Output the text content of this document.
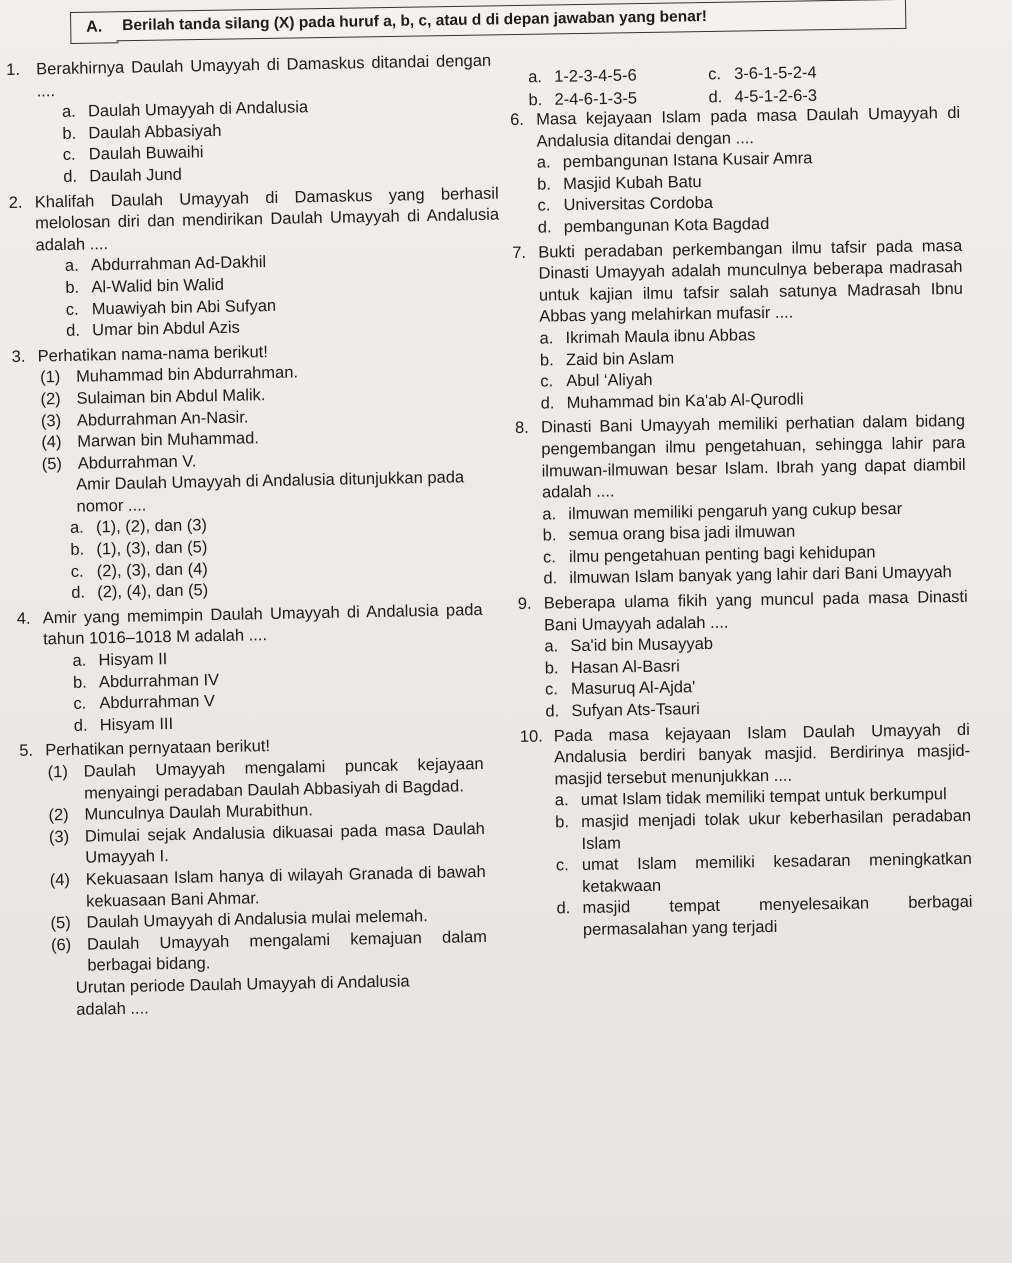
A.	Berilah tanda silang (X) pada huruf a, b, c, atau d di depan jawaban yang benar!
1. Berakhirnya Daulah Umayyah di Damaskus ditandai dengan ....
a. Daulah Umayyah di Andalusia
b. Daulah Abbasiyah
c. Daulah Buwaihi
d. Daulah Jund
2. Khalifah Daulah Umayyah di Damaskus yang berhasil melolosan diri dan mendirikan Daulah Umayyah di Andalusia adalah ....
a. Abdurrahman Ad-Dakhil
b. Al-Walid bin Walid
c. Muawiyah bin Abi Sufyan
d. Umar bin Abdul Azis
3. Perhatikan nama-nama berikut!
(1) Muhammad bin Abdurrahman.
(2) Sulaiman bin Abdul Malik.
(3) Abdurrahman An-Nasir.
(4) Marwan bin Muhammad.
(5) Abdurrahman V.
Amir Daulah Umayyah di Andalusia ditunjukkan pada nomor ....
a. (1), (2), dan (3)
b. (1), (3), dan (5)
c. (2), (3), dan (4)
d. (2), (4), dan (5)
4. Amir yang memimpin Daulah Umayyah di Andalusia pada tahun 1016–1018 M adalah ....
a. Hisyam II
b. Abdurrahman IV
c. Abdurrahman V
d. Hisyam III
5. Perhatikan pernyataan berikut!
(1) Daulah Umayyah mengalami puncak kejayaan menyaingi peradaban Daulah Abbasiyah di Bagdad.
(2) Munculnya Daulah Murabithun.
(3) Dimulai sejak Andalusia dikuasai pada masa Daulah Umayyah I.
(4) Kekuasaan Islam hanya di wilayah Granada di bawah kekuasaan Bani Ahmar.
(5) Daulah Umayyah di Andalusia mulai melemah.
(6) Daulah Umayyah mengalami kemajuan dalam berbagai bidang.
Urutan periode Daulah Umayyah di Andalusia adalah ....
a. 1-2-3-4-5-6	c. 3-6-1-5-2-4
b. 2-4-6-1-3-5	d. 4-5-1-2-6-3
6. Masa kejayaan Islam pada masa Daulah Umayyah di Andalusia ditandai dengan ....
a. pembangunan Istana Kusair Amra
b. Masjid Kubah Batu
c. Universitas Cordoba
d. pembangunan Kota Bagdad
7. Bukti peradaban perkembangan ilmu tafsir pada masa Dinasti Umayyah adalah munculnya beberapa madrasah untuk kajian ilmu tafsir salah satunya Madrasah Ibnu Abbas yang melahirkan mufasir ....
a. Ikrimah Maula ibnu Abbas
b. Zaid bin Aslam
c. Abul ‘Aliyah
d. Muhammad bin Ka'ab Al-Qurodli
8. Dinasti Bani Umayyah memiliki perhatian dalam bidang pengembangan ilmu pengetahuan, sehingga lahir para ilmuwan-ilmuwan besar Islam. Ibrah yang dapat diambil adalah ....
a. ilmuwan memiliki pengaruh yang cukup besar
b. semua orang bisa jadi ilmuwan
c. ilmu pengetahuan penting bagi kehidupan
d. ilmuwan Islam banyak yang lahir dari Bani Umayyah
9. Beberapa ulama fikih yang muncul pada masa Dinasti Bani Umayyah adalah ....
a. Sa'id bin Musayyab
b. Hasan Al-Basri
c. Masuruq Al-Ajda'
d. Sufyan Ats-Tsauri
10. Pada masa kejayaan Islam Daulah Umayyah di Andalusia berdiri banyak masjid. Berdirinya masjid-masjid tersebut menunjukkan ....
a. umat Islam tidak memiliki tempat untuk berkumpul
b. masjid menjadi tolak ukur keberhasilan peradaban Islam
c. umat Islam memiliki kesadaran meningkatkan ketakwaan
d. masjid tempat menyelesaikan berbagai permasalahan yang terjadi
